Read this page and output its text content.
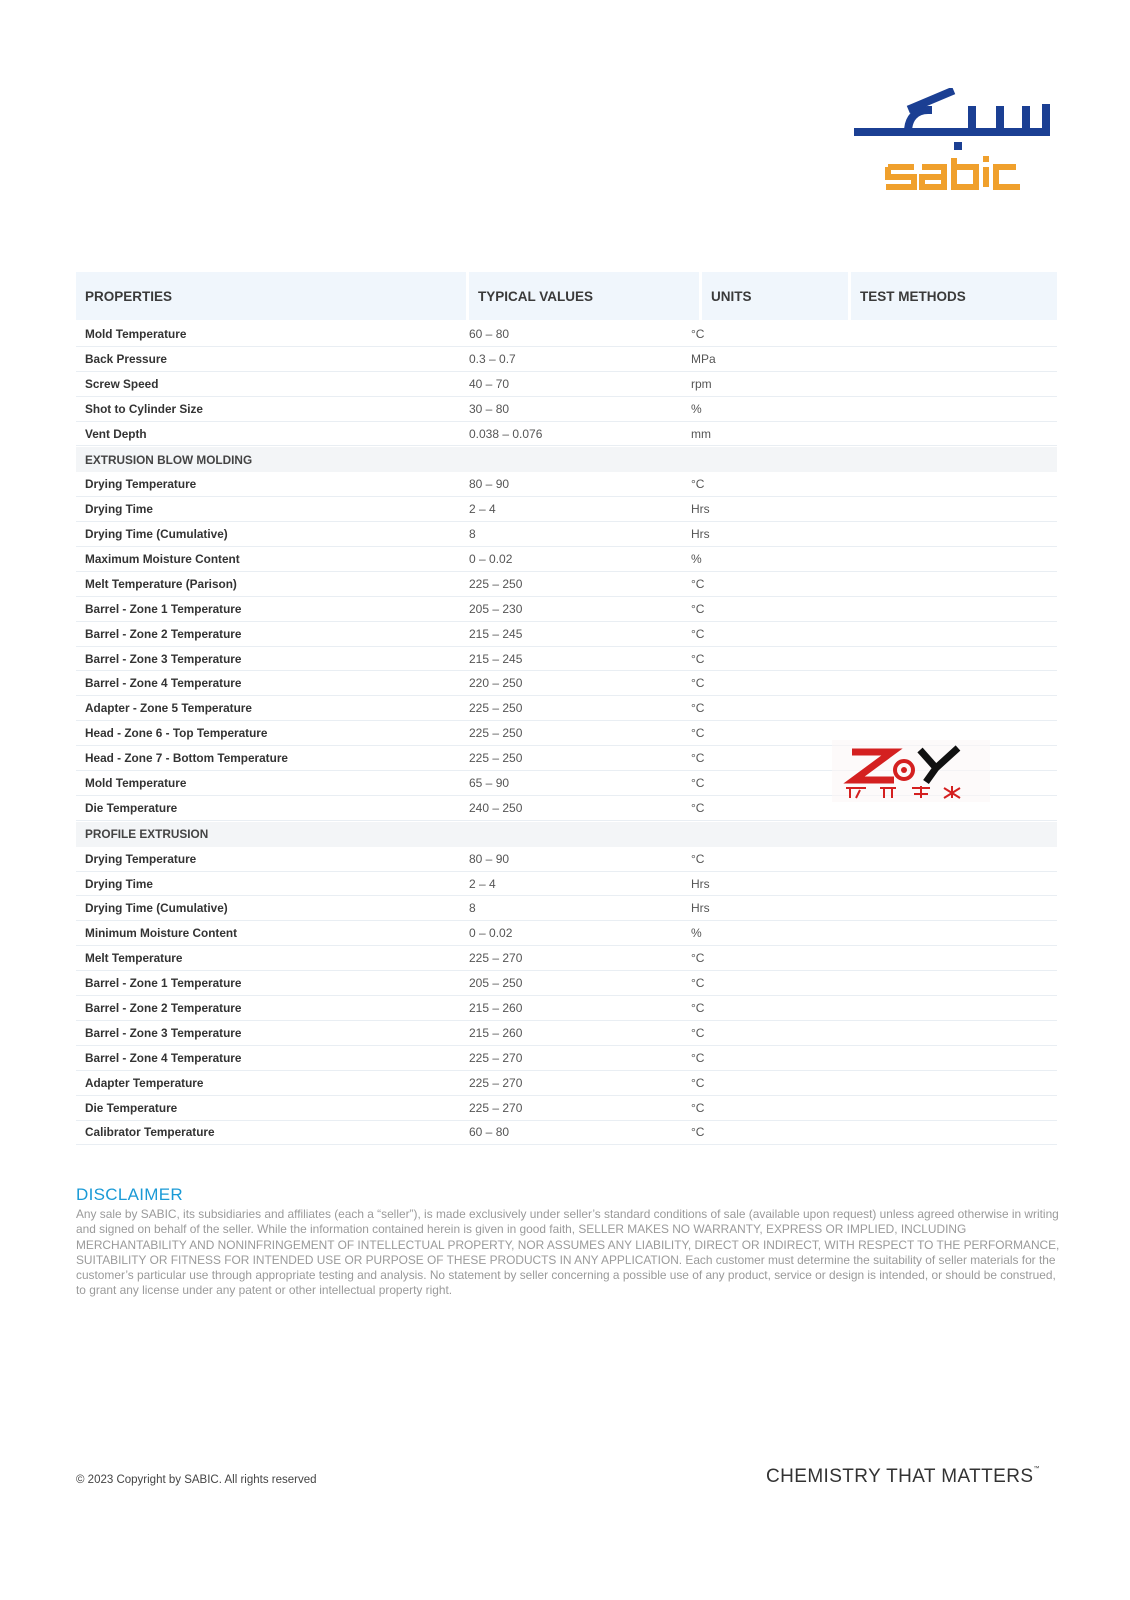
PROPERTIES	TYPICAL VALUES	UNITS	TEST METHODS
Mold Temperature	60 – 80	°C
Back Pressure	0.3 – 0.7	MPa
Screw Speed	40 – 70	rpm
Shot to Cylinder Size	30 – 80	%
Vent Depth	0.038 – 0.076	mm
EXTRUSION BLOW MOLDING
Drying Temperature	80 – 90	°C
Drying Time	2 – 4	Hrs
Drying Time (Cumulative)	8	Hrs
Maximum Moisture Content	0 – 0.02	%
Melt Temperature (Parison)	225 – 250	°C
Barrel - Zone 1 Temperature	205 – 230	°C
Barrel - Zone 2 Temperature	215 – 245	°C
Barrel - Zone 3 Temperature	215 – 245	°C
Barrel - Zone 4 Temperature	220 – 250	°C
Adapter - Zone 5 Temperature	225 – 250	°C
Head - Zone 6 - Top Temperature	225 – 250	°C
Head - Zone 7 - Bottom Temperature	225 – 250	°C
Mold Temperature	65 – 90	°C
Die Temperature	240 – 250	°C
PROFILE EXTRUSION
Drying Temperature	80 – 90	°C
Drying Time	2 – 4	Hrs
Drying Time (Cumulative)	8	Hrs
Minimum Moisture Content	0 – 0.02	%
Melt Temperature	225 – 270	°C
Barrel - Zone 1 Temperature	205 – 250	°C
Barrel - Zone 2 Temperature	215 – 260	°C
Barrel - Zone 3 Temperature	215 – 260	°C
Barrel - Zone 4 Temperature	225 – 270	°C
Adapter Temperature	225 – 270	°C
Die Temperature	225 – 270	°C
Calibrator Temperature	60 – 80	°C
DISCLAIMER
Any sale by SABIC, its subsidiaries and affiliates (each a “seller”), is made exclusively under seller’s standard conditions of sale (available upon request) unless agreed otherwise in writing and signed on behalf of the seller. While the information contained herein is given in good faith, SELLER MAKES NO WARRANTY, EXPRESS OR IMPLIED, INCLUDING MERCHANTABILITY AND NONINFRINGEMENT OF INTELLECTUAL PROPERTY, NOR ASSUMES ANY LIABILITY, DIRECT OR INDIRECT, WITH RESPECT TO THE PERFORMANCE, SUITABILITY OR FITNESS FOR INTENDED USE OR PURPOSE OF THESE PRODUCTS IN ANY APPLICATION. Each customer must determine the suitability of seller materials for the customer’s particular use through appropriate testing and analysis. No statement by seller concerning a possible use of any product, service or design is intended, or should be construed, to grant any license under any patent or other intellectual property right.
© 2023 Copyright by SABIC. All rights reserved	CHEMISTRY THAT MATTERS™
